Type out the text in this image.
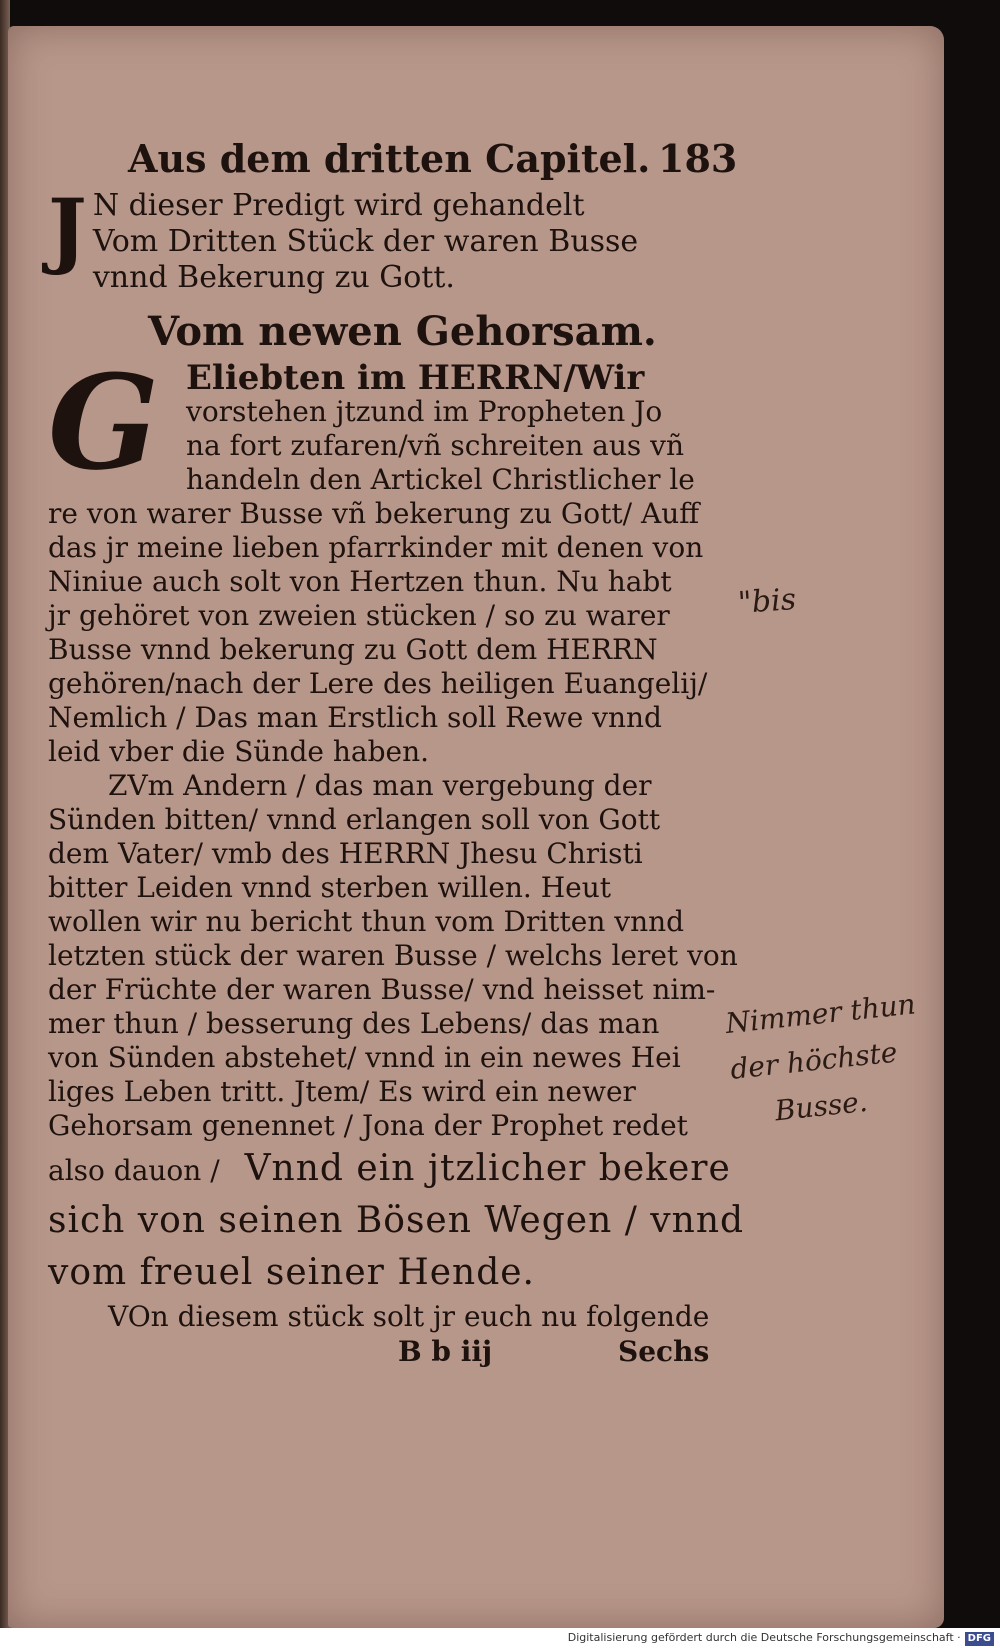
Aus dem dritten Capitel. 183
J N dieser Predigt wird gehandelt
Vom Dritten Stück der waren Busse
vnnd Bekerung zu Gott.
Vom newen Gehorsam.
G Eliebten im HERRN/Wir
vorstehen jtzund im Propheten Jo
na fort zufaren/vñ schreiten aus vñ
handeln den Artickel Christlicher le
re von warer Busse vñ bekerung zu Gott/ Auff
das jr meine lieben pfarrkinder mit denen von
Niniue auch solt von Hertzen thun. Nu habt
jr gehöret von zweien stücken / so zu warer
Busse vnnd bekerung zu Gott dem HERRN
gehören/nach der Lere des heiligen Euangelij/
Nemlich / Das man Erstlich soll Rewe vnnd
leid vber die Sünde haben.
ZVm Andern / das man vergebung der
Sünden bitten/ vnnd erlangen soll von Gott
dem Vater/ vmb des HERRN Jhesu Christi
bitter Leiden vnnd sterben willen. Heut
wollen wir nu bericht thun vom Dritten vnnd
letzten stück der waren Busse / welchs leret von
der Früchte der waren Busse/ vnd heisset nim-
mer thun / besserung des Lebens/ das man
von Sünden abstehet/ vnnd in ein newes Hei
liges Leben tritt. Jtem/ Es wird ein newer
Gehorsam genennet / Jona der Prophet redet
also dauon / Vnnd ein jtzlicher bekere
sich von seinen Bösen Wegen / vnnd
vom freuel seiner Hende.
VOn diesem stück solt jr euch nu folgende
B b iij	Sechs
"bis
Nimmer thun
der höchste
Busse.
Digitalisierung gefördert durch die Deutsche Forschungsgemeinschaft · DFG
